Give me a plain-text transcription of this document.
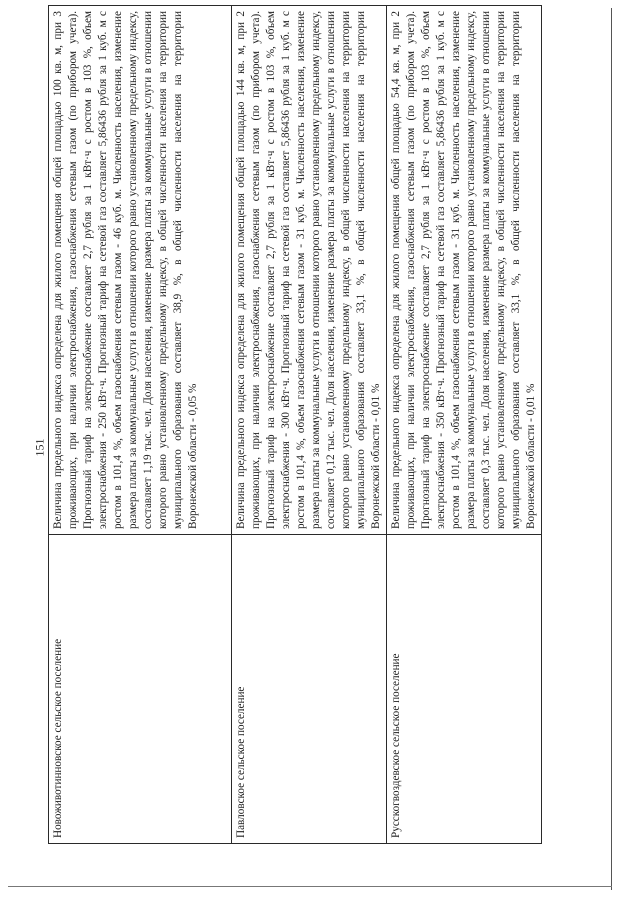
151
Новоживотинновское сельское поселение	Величина предельного индекса определена для жилого помещения общей площадью 100 кв. м, при 3 проживающих, при наличии электроснабжения, газоснабжения сетевым газом (по прибором учета). Прогнозный тариф на электроснабжение составляет 2,7 рубля за 1 кВт·ч с ростом в 103 %, объем электроснабжения - 250 кВт·ч. Прогнозный тариф на сетевой газ составляет 5,86436 рубля за 1 куб. м с ростом в 101,4 %, объем газоснабжения сетевым газом - 46 куб. м. Численность населения, изменение размера платы за коммунальные услуги в отношении которого равно установленному предельному индексу, составляет 1,19 тыс. чел. Доля населения, изменение размера платы за коммунальные услуги в отношении которого равно установленному предельному индексу, в общей численности населения на территории муниципального образования составляет 38,9 %, в общей численности населения на территории Воронежской области - 0,05 %
Павловское сельское поселение	Величина предельного индекса определена для жилого помещения общей площадью 144 кв. м, при 2 проживающих, при наличии электроснабжения, газоснабжения сетевым газом (по прибором учета). Прогнозный тариф на электроснабжение составляет 2,7 рубля за 1 кВт·ч с ростом в 103 %, объем электроснабжения - 300 кВт·ч. Прогнозный тариф на сетевой газ составляет 5,86436 рубля за 1 куб. м с ростом в 101,4 %, объем газоснабжения сетевым газом - 31 куб. м. Численность населения, изменение размера платы за коммунальные услуги в отношении которого равно установленному предельному индексу, составляет 0,12 тыс. чел. Доля населения, изменение размера платы за коммунальные услуги в отношении которого равно установленному предельному индексу, в общей численности населения на территории муниципального образования составляет 33,1 %, в общей численности населения на территории Воронежской области - 0,01 %
Русскогвоздевское сельское поселение	Величина предельного индекса определена для жилого помещения общей площадью 54,4 кв. м, при 2 проживающих, при наличии электроснабжения, газоснабжения сетевым газом (по прибором учета). Прогнозный тариф на электроснабжение составляет 2,7 рубля за 1 кВт·ч с ростом в 103 %, объем электроснабжения - 350 кВт·ч. Прогнозный тариф на сетевой газ составляет 5,86436 рубля за 1 куб. м с ростом в 101,4 %, объем газоснабжения сетевым газом - 31 куб. м. Численность населения, изменение размера платы за коммунальные услуги в отношении которого равно установленному предельному индексу, составляет 0,3 тыс. чел. Доля населения, изменение размера платы за коммунальные услуги в отношении которого равно установленному предельному индексу, в общей численности населения на территории муниципального образования составляет 33,1 %, в общей численности населения на территории Воронежской области - 0,01 %
